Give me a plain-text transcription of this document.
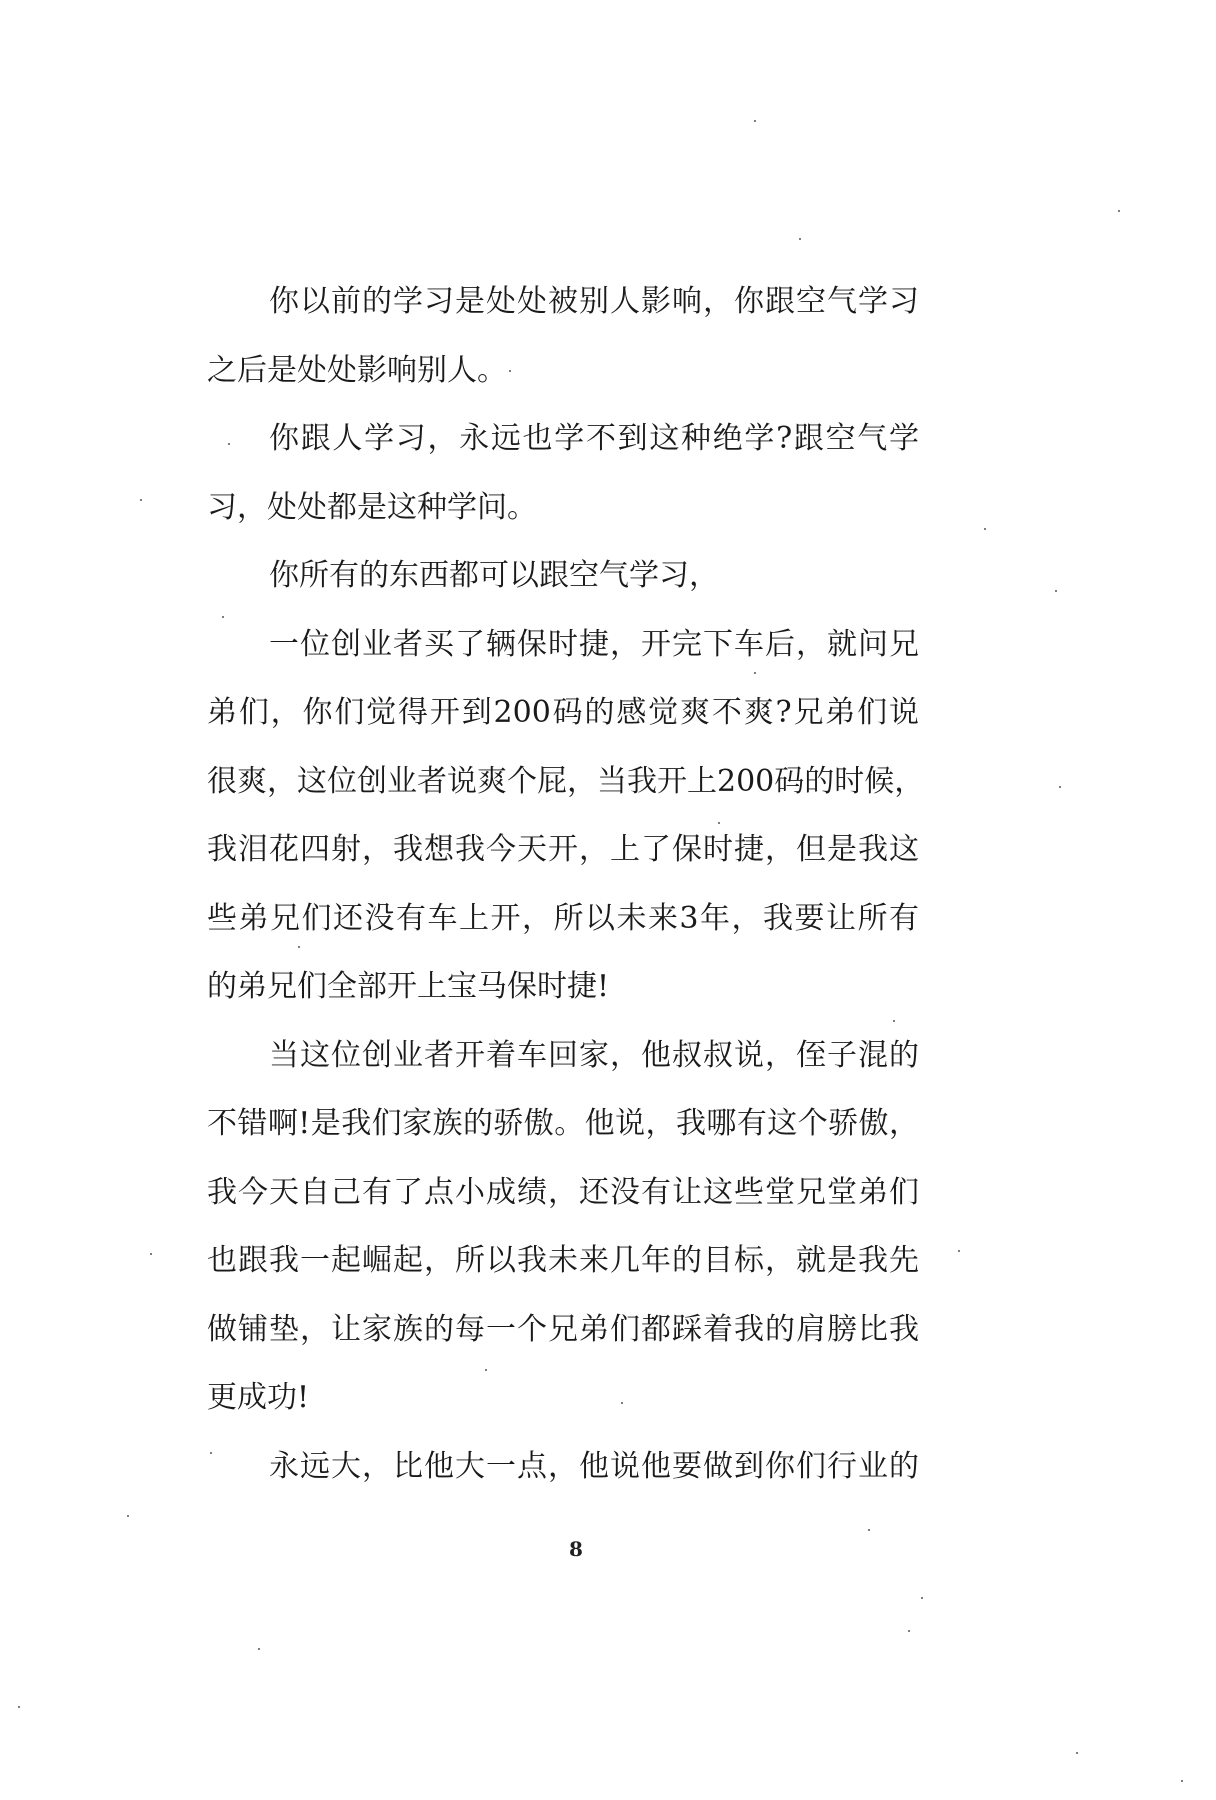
你以前的学习是处处被别人影响，你跟空气学习
之后是处处影响别人。
你跟人学习，永远也学不到这种绝学?跟空气学
习，处处都是这种学问。
你所有的东西都可以跟空气学习，
一位创业者买了辆保时捷，开完下车后，就问兄
弟们，你们觉得开到200码的感觉爽不爽?兄弟们说
很爽，这位创业者说爽个屁，当我开上200码的时候，
我泪花四射，我想我今天开，上了保时捷，但是我这
些弟兄们还没有车上开，所以未来3年，我要让所有
的弟兄们全部开上宝马保时捷!
当这位创业者开着车回家，他叔叔说，侄子混的
不错啊!是我们家族的骄傲。他说，我哪有这个骄傲，
我今天自己有了点小成绩，还没有让这些堂兄堂弟们
也跟我一起崛起，所以我未来几年的目标，就是我先
做铺垫，让家族的每一个兄弟们都踩着我的肩膀比我
更成功!
永远大，比他大一点，他说他要做到你们行业的
8
